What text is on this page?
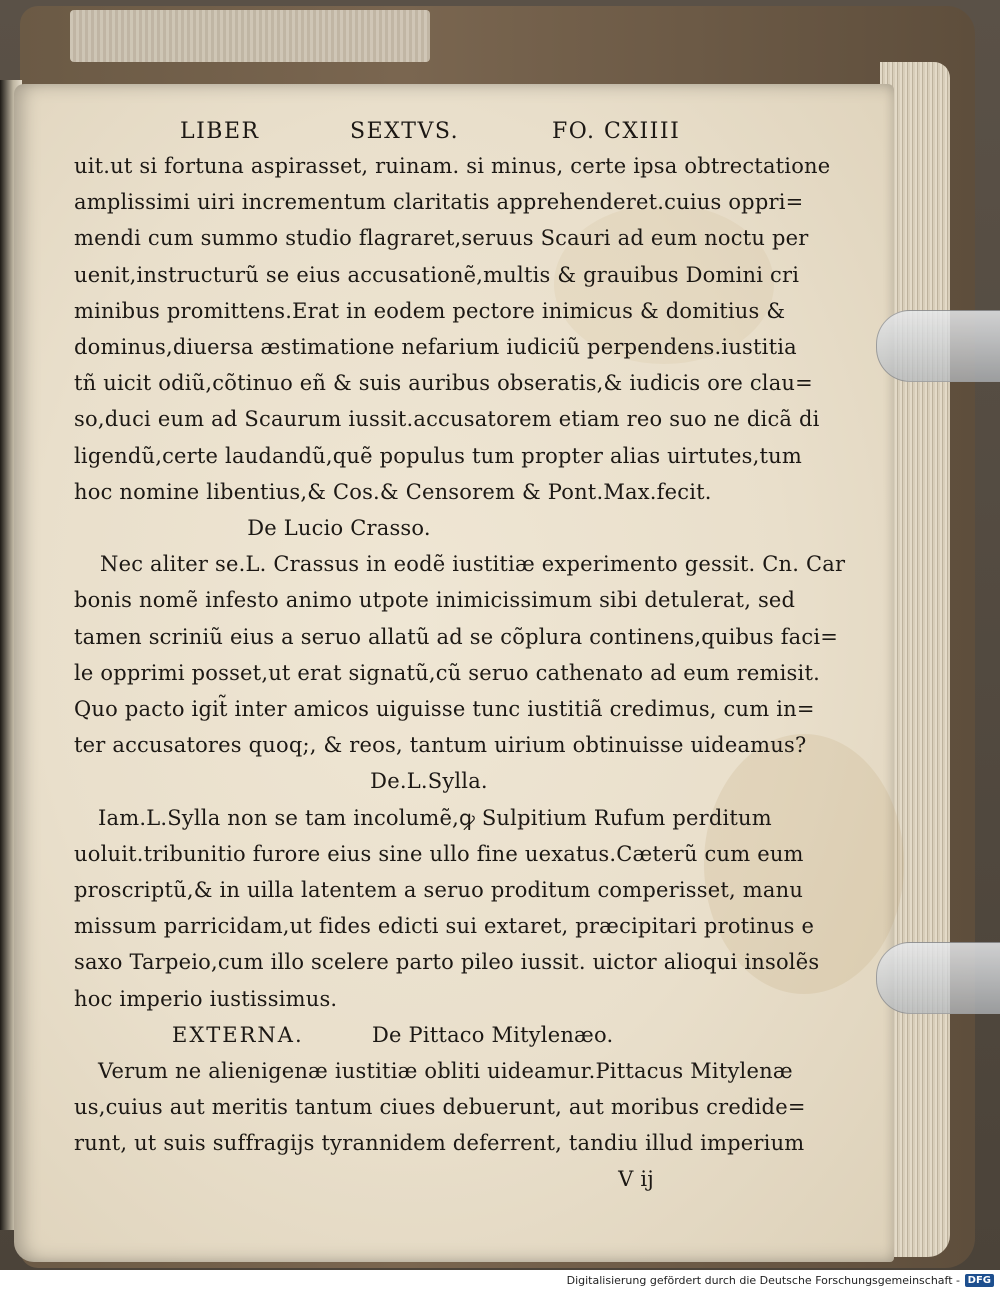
LIBER	SEXTVS.	FO. CXIIII
uit.ut si fortuna aspirasset, ruinam. si minus, certe ipsa obtrectatione
amplissimi uiri incrementum claritatis apprehenderet.cuius oppri=
mendi cum summo studio flagraret,seruus Scauri ad eum noctu per
uenit,instructurũ se eius accusationẽ,multis & grauibus Domini cri
minibus promittens.Erat in eodem pectore inimicus & domitius &
dominus,diuersa æstimatione nefarium iudiciũ perpendens.iustitia
tñ uicit odiũ,cõtinuo eñ & suis auribus obseratis,& iudicis ore clau=
so,duci eum ad Scaurum iussit.accusatorem etiam reo suo ne dicã di
ligendũ,certe laudandũ,quẽ populus tum propter alias uirtutes,tum
hoc nomine libentius,& Cos.& Censorem & Pont.Max.fecit.
De Lucio Crasso.
Nec aliter se.L. Crassus in eodẽ iustitiæ experimento gessit. Cn. Car
bonis nomẽ infesto animo utpote inimicissimum sibi detulerat, sed
tamen scriniũ eius a seruo allatũ ad se cõplura continens,quibus faci=
le opprimi posset,ut erat signatũ,cũ seruo cathenato ad eum remisit.
Quo pacto igit̃ inter amicos uiguisse tunc iustitiã credimus, cum in=
ter accusatores quoq;, & reos, tantum uirium obtinuisse uideamus?
De.L.Sylla.
Iam.L.Sylla non se tam incolumẽ,ꝙ Sulpitium Rufum perditum
uoluit.tribunitio furore eius sine ullo fine uexatus.Cæterũ cum eum
proscriptũ,& in uilla latentem a seruo proditum comperisset, manu
missum parricidam,ut fides edicti sui extaret, præcipitari protinus e
saxo Tarpeio,cum illo scelere parto pileo iussit. uictor alioqui insolẽs
hoc imperio iustissimus.
EXTERNA.	De Pittaco Mitylenæo.
Verum ne alienigenæ iustitiæ obliti uideamur.Pittacus Mitylenæ
us,cuius aut meritis tantum ciues debuerunt, aut moribus credide=
runt, ut suis suffragijs tyrannidem deferrent, tandiu illud imperium
V ij
Digitalisierung gefördert durch die Deutsche Forschungsgemeinschaft - DFG
